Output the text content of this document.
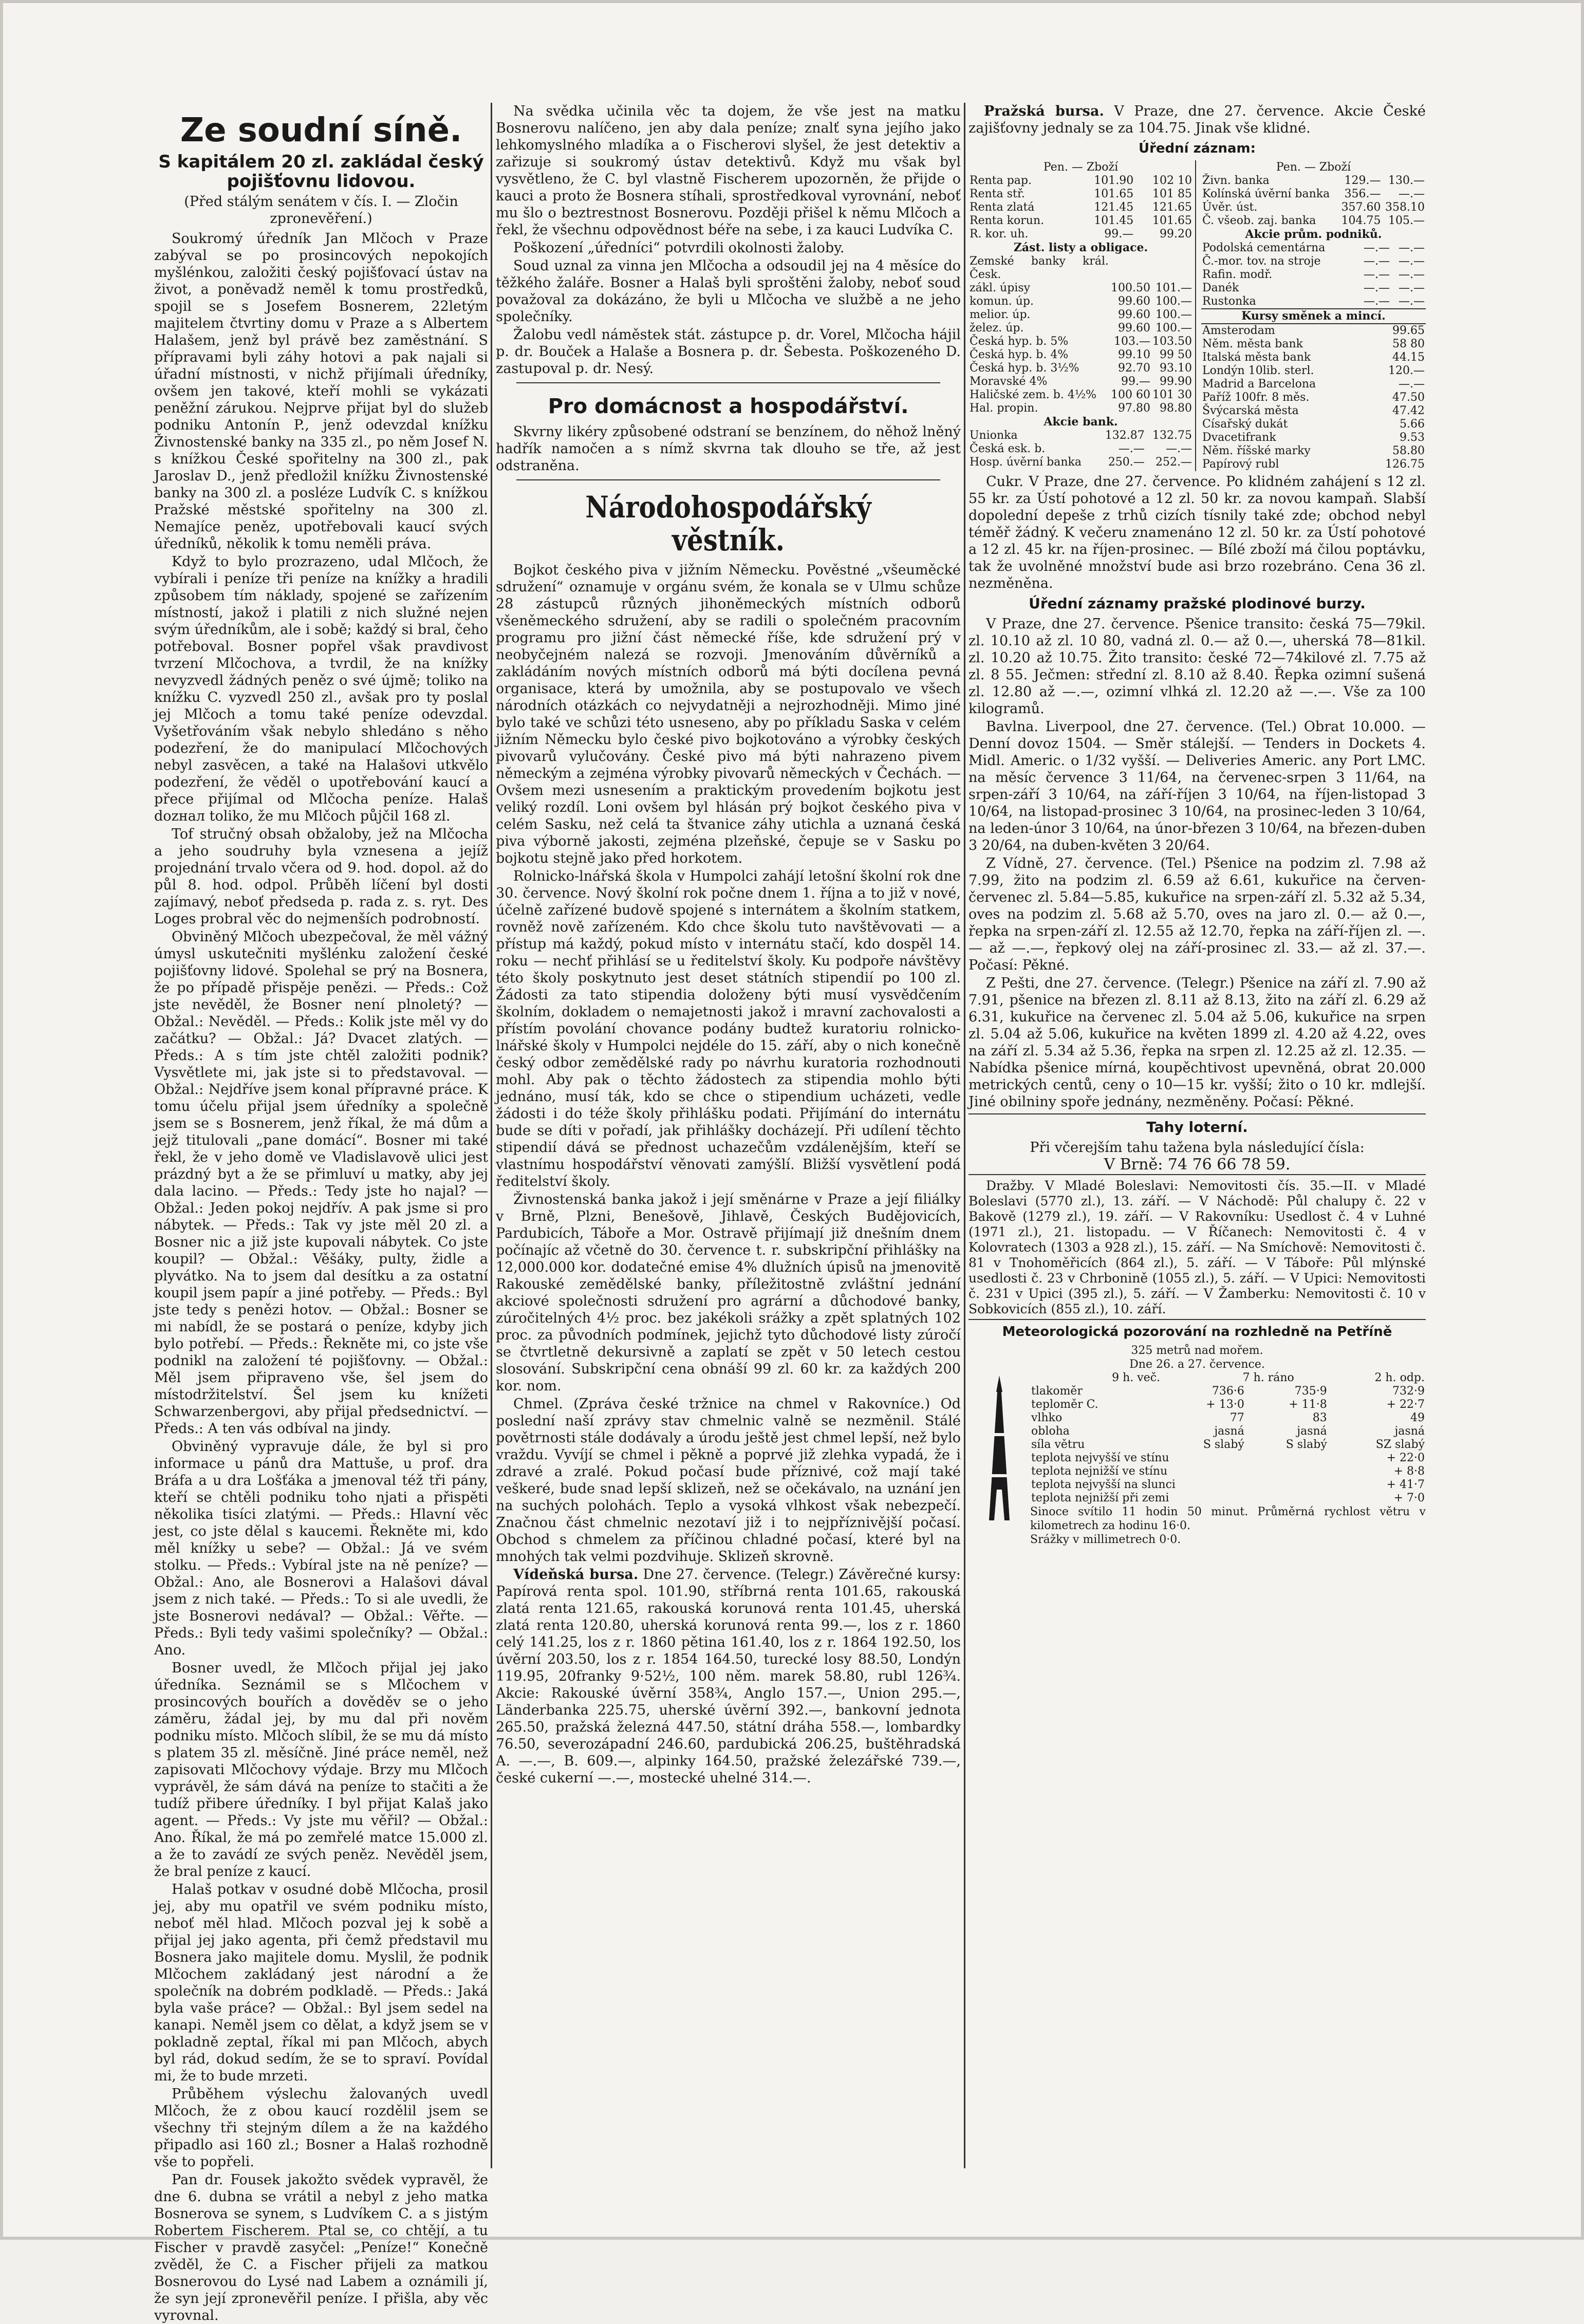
Ze soudní síně.
S kapitálem 20 zl. zakládal český pojišťovnu lidovou.
(Před stálým senátem v čís. I. — Zločin zpronevěření.)

Soukromý úředník Jan Mlčoch v Praze zabýval se po prosincových nepokojích myšlénkou, založiti český pojišťovací ústav na život, a poněvadž neměl k tomu prostředků, spojil se s Josefem Bosnerem, 22letým majitelem čtvrtiny domu v Praze a s Albertem Halašem, jenž byl právě bez zaměstnání. S přípravami byli záhy hotovi a pak najali si úřadní místnosti, v nichž přijímali úředníky, ovšem jen takové, kteří mohli se vykázati peněžní zárukou. Nejprve přijat byl do služeb podniku Antonín P., jenž odevzdal knížku Živnostenské banky na 335 zl., po něm Josef N. s knížkou České spořitelny na 300 zl., pak Jaroslav D., jenž předložil knížku Živnostenské banky na 300 zl. a posléze Ludvík C. s knížkou Pražské městské spořitelny na 300 zl. Nemajíce peněz, upotřebovali kaucí svých úředníků, několik k tomu neměli práva.

Když to bylo prozrazeno, udal Mlčoch, že vybírali i peníze tři peníze na knížky a hradili způsobem tím náklady, spojené se zařízením místností, jakož i platili z nich služné nejen svým úředníkům, ale i sobě; každý si bral, čeho potřeboval. Bosner popřel však pravdivost tvrzení Mlčochova, a tvrdil, že na knížky nevyzvedl žádných peněz o své újmě; toliko na knížku C. vyzvedl 250 zl., avšak pro ty poslal jej Mlčoch a tomu také peníze odevzdal. Vyšetřováním však nebylo shledáno s něho podezření, že do manipulací Mlčochových nebyl zasvěcen, a také na Halašovi utkvělo podezření, že věděl o upotřebování kaucí a přece přijímal od Mlčocha peníze. Halaš dozнал toliko, že mu Mlčoch půjčil 168 zl.

Tof stručný obsah obžaloby, jež na Mlčocha a jeho soudruhy byla vznesena a jejíž projednání trvalo včera od 9. hod. dopol. až do půl 8. hod. odpol. Průběh líčení byl dosti zajímavý, neboť předseda p. rada z. s. ryt. Des Loges probral věc do nejmenších podrobností.

Obviněný Mlčoch ubezpečoval, že měl vážný úmysl uskutečniti myšlénku založení české pojišťovny lidové. Spolehal se prý na Bosnera, že po případě přispěje penězi. — Předs.: Což jste nevěděl, že Bosner není plnoletý? — Obžal.: Nevěděl. — Předs.: Kolik jste měl vy do začátku? — Obžal.: Já? Dvacet zlatých. — Předs.: A s tím jste chtěl založiti podnik? Vysvětlete mi, jak jste si to představoval. — Obžal.: Nejdříve jsem konal přípravné práce. K tomu účelu přijal jsem úředníky a společně jsem se s Bosnerem, jenž říkal, že má dům a jejž titulovali „pane domácí“. Bosner mi také řekl, že v jeho domě ve Vladislavově ulici jest prázdný byt a že se přimluví u matky, aby jej dala lacino. — Předs.: Tedy jste ho najal? — Obžal.: Jeden pokoj nejdřív. A pak jsme si pro nábytek. — Předs.: Tak vy jste měl 20 zl. a Bosner nic a již jste kupovali nábytek. Co jste koupil? — Obžal.: Věšáky, pulty, židle a plyvátko. Na to jsem dal desítku a za ostatní koupil jsem papír a jiné potřeby. — Předs.: Byl jste tedy s penězi hotov. — Obžal.: Bosner se mi nabídl, že se postará o peníze, kdyby jich bylo potřebí. — Předs.: Řekněte mi, co jste vše podnikl na založení té pojišťovny. — Obžal.: Měl jsem připraveno vše, šel jsem do místodržitelství. Šel jsem ku knížeti Schwarzenbergovi, aby přijal předsednictví. — Předs.: A ten vás odbíval na jindy.

Obviněný vypravuje dále, že byl si pro informace u pánů dra Mattuše, u prof. dra Bráfa a u dra Lošťáka a jmenoval též tři pány, kteří se chtěli podniku toho njati a přispěti několika tisíci zlatými. — Předs.: Hlavní věc jest, co jste dělal s kaucemi. Řekněte mi, kdo měl knížky u sebe? — Obžal.: Já ve svém stolku. — Předs.: Vybíral jste na ně peníze? — Obžal.: Ano, ale Bosnerovi a Halašovi dával jsem z nich také. — Předs.: To si ale uvedli, že jste Bosnerovi nedával? — Obžal.: Věřte. — Předs.: Byli tedy vašimi společníky? — Obžal.: Ano.

Bosner uvedl, že Mlčoch přijal jej jako úředníka. Seznámil se s Mlčochem v prosincových bouřích a dověděv se o jeho záměru, žádal jej, by mu dal při nověm podniku místo. Mlčoch slíbil, že se mu dá místo s platem 35 zl. měsíčně. Jiné práce neměl, než zapisovati Mlčochovy výdaje. Brzy mu Mlčoch vyprávěl, že sám dává na peníze to stačiti a že tudíž přibere úředníky. I byl přijat Kalaš jako agent. — Předs.: Vy jste mu věřil? — Obžal.: Ano. Říkal, že má po zemřelé matce 15.000 zl. a že to zavádí ze svých peněz. Nevěděl jsem, že bral peníze z kaucí.

Halaš potkav v osudné době Mlčocha, prosil jej, aby mu opatřil ve svém podniku místo, neboť měl hlad. Mlčoch pozval jej k sobě a přijal jej jako agenta, při čemž představil mu Bosnera jako majitele domu. Myslil, že podnik Mlčochem zakládaný jest národní a že společník na dobrém podkladě. — Předs.: Jaká byla vaše práce? — Obžal.: Byl jsem sedel na kanapi. Neměl jsem co dělat, a když jsem se v pokladně zeptal, říkal mi pan Mlčoch, abych byl rád, dokud sedím, že se to spraví. Povídal mi, že to bude mrzeti.

Průběhem výslechu žalovaných uvedl Mlčoch, že z obou kaucí rozdělil jsem se všechny tři stejným dílem a že na každého připadlo asi 160 zl.; Bosner a Halaš rozhodně vše to popřeli.

Pan dr. Fousek jakožto svědek vypravěl, že dne 6. dubna se vrátil a nebyl z jeho matka Bosnerova se synem, s Ludvíkem C. a s jistým Robertem Fischerem. Ptal se, co chtějí, a tu Fischer v pravdě zasyčel: „Peníze!“ Konečně zvěděl, že C. a Fischer přijeli za matkou Bosnerovou do Lysé nad Labem a oznámili jí, že syn její zpronevěřil peníze. I přišla, aby věc vyrovnal.

Na svědka učinila věc ta dojem, že vše jest na matku Bosnerovu nalíčeno, jen aby dala peníze; znalť syna jejího jako lehkomyslného mladíka a o Fischerovi slyšel, že jest detektiv a zařizuje si soukromý ústav detektivů. Když mu však byl vysvětleno, že C. byl vlastně Fischerem upozorněn, že přijde o kauci a proto že Bosnera stíhali, sprostředkoval vyrovnání, neboť mu šlo o beztrestnost Bosnerovu. Později přišel k němu Mlčoch a řekl, že všechnu odpovědnost béře na sebe, i za kauci Ludvíka C.

Poškození „úředníci“ potvrdili okolnosti žaloby.

Soud uznal za vinna jen Mlčocha a odsoudil jej na 4 měsíce do těžkého žaláře. Bosner a Halaš byli sproštěni žaloby, neboť soud považoval za dokázáno, že byli u Mlčocha ve službě a ne jeho společníky.

Žalobu vedl náměstek stát. zástupce p. dr. Vorel, Mlčocha hájil p. dr. Bouček a Halaše a Bosnera p. dr. Šebesta. Poškozeného D. zastupoval p. dr. Nesý.

Pro domácnost a hospodářství.

Skvrny likéry způsobené odstraní se benzínem, do něhož lněný hadřík namočen a s nímž skvrna tak dlouho se tře, až jest odstraněna.

Národohospodářský věstník.

Bojkot českého piva v jižním Německu. Pověstné „všeuměcké sdružení“ oznamuje v orgánu svém, že konala se v Ulmu schůze 28 zástupců různých jihoněmeckých místních odborů všeněmeckého sdružení, aby se radili o společném pracovním programu pro jižní část německé říše, kde sdružení prý v neobyčejném nalezá se rozvoji. Jmenováním důvěrníků a zakládáním nových místních odborů má býti docílena pevná organisace, která by umožnila, aby se postupovalo ve všech národních otázkách co nejvydatněji a nejrozhodněji. Mimo jiné bylo také ve schůzi této usneseno, aby po příkladu Saska v celém jižním Německu bylo české pivo bojkotováno a výrobky českých pivovarů vylučovány. České pivo má býti nahrazeno pivem německým a zejména výrobky pivovarů německých v Čechách. — Ovšem mezi usnesením a praktickým provedením bojkotu jest veliký rozdíl. Loni ovšem byl hlásán prý bojkot českého piva v celém Sasku, než celá ta štvanice záhy utichla a uznaná česká piva výborně jakosti, zejména plzeňské, čepuje se v Sasku po bojkotu stejně jako před horkotem.

Rolnicko-lnářská škola v Humpolci zahájí letošní školní rok dne 30. července. Nový školní rok počne dnem 1. října a to již v nové, účelně zařízené budově spojené s internátem a školním statkem, rovněž nově zařízeném. Kdo chce školu tuto navštěvovati — a přístup má každý, pokud místo v internátu stačí, kdo dospěl 14. roku — nechť přihlásí se u ředitelství školy. Ku podpoře návštěvy této školy poskytnuto jest deset státních stipendií po 100 zl. Žádosti za tato stipendia doloženy býti musí vysvědčením školním, dokladem o nemajetnosti jakož i mravní zachovalosti a přístím povolání chovance podány budtež kuratoriu rolnicko-lnářské školy v Humpolci nejdéle do 15. září, aby o nich konečně český odbor zemědělské rady po návrhu kuratoria rozhodnouti mohl. Aby pak o těchto žádostech za stipendia mohlo býti jednáno, musí ták, kdo se chce o stipendium ucházeti, vedle žádosti i do téže školy přihlášku podati. Přijímání do internátu bude se díti v pořadí, jak přihlášky docházejí. Při udílení těchto stipendií dává se přednost uchazečům vzdálenějším, kteří se vlastnímu hospodářství věnovati zamýšlí. Bližší vysvětlení podá ředitelství školy.

Živnostenská banka jakož i její směnárne v Praze a její filiálky v Brně, Plzni, Benešově, Jihlavě, Českých Budějovicích, Pardubicích, Táboře a Mor. Ostravě přijímají již dnešním dnem počínajíc až včetně do 30. července t. r. subskripční přihlášky na 12,000.000 kor. dodatečné emise 4% dlužních úpisů na jmenovitě Rakouské zemědělské banky, příležitostně zvláštní jednání akciové společnosti sdružení pro agrární a důchodové banky, zúročitelných 4½ proc. bez jakékoli srážky a zpět splatných 102 proc. za původních podmínek, jejichž tyto důchodové listy zúročí se čtvrtletně dekursivně a zaplatí se zpět v 50 letech cestou slosování. Subskripční cena obnáší 99 zl. 60 kr. za každých 200 kor. nom.

Chmel. (Zpráva české tržnice na chmel v Rakovníce.) Od poslední naší zprávy stav chmelnic valně se nezměnil. Stálé povětrnosti stále dodávaly a úrodu ještě jest chmel lepší, než bylo vraždu. Vyvíjí se chmel i pěkně a poprvé již zlehka vypadá, že i zdravé a zralé. Pokud počasí bude příznivé, což mají také veškeré, bude snad lepší sklizeň, než se očekávalo, na uznání jen na suchých polohách. Teplo a vysoká vlhkost však nebezpečí. Značnou část chmelnic nezotaví již i to nejpříznivější počasí. Obchod s chmelem za příčinou chladné počasí, které byl na mnohých tak velmi pozdvihuje. Sklizeň skrovně.

Vídeňská bursa. Dne 27. července. (Telegr.) Závěrečné kursy: Papírová renta spol. 101.90, stříbrná renta 101.65, rakouská zlatá renta 121.65, rakouská korunová renta 101.45, uherská zlatá renta 120.80, uherská korunová renta 99.—, los z r. 1860 celý 141.25, los z r. 1860 pětina 161.40, los z r. 1864 192.50, los úvěrní 203.50, los z r. 1854 164.50, turecké losy 88.50, Londýn 119.95, 20franky 9·52½, 100 něm. marek 58.80, rubl 126¾. Akcie: Rakouské úvěrní 358¾, Anglo 157.—, Union 295.—, Länderbanka 225.75, uherské úvěrní 392.—, bankovní jednota 265.50, pražská železná 447.50, státní dráha 558.—, lombardky 76.50, severozápadní 246.60, pardubická 206.25, buštěhradská A. —.—, B. 609.—, alpinky 164.50, pražské železářské 739.—, české cukerní —.—, mostecké uhelné 314.—.

Pražská bursa. V Praze, dne 27. července. Akcie České zajišťovny jednaly se za 104.75. Jinak vše klidné.

Úřední záznam:
Pen. — Zboží
Renta pap.	101.90	102 10
Renta stř.	101.65	101 85
Renta zlatá	121.45	121.65
Renta korun.	101.45	101.65
R. kor. uh.	99.—	99.20
Zást. listy a obligace.
Zemské banky král. Česk.		
zákl. úpisy	100.50	101.—
komun. úp.	99.60	100.—
melior. úp.	99.60	100.—
želez. úp.	99.60	100.—
Česká hyp. b. 5%	103.—	103.50
Česká hyp. b. 4%	99.10	99 50
Česká hyp. b. 3½%	92.70	93.10
Moravské 4%	99.—	99.90
Haličské zem. b. 4½%	100 60	101 30
Hal. propin.	97.80	98.80
Akcie bank.
Unionka	132.87	132.75
Česká esk. b.	—.—	—.—
Hosp. úvěrní banka	250.—	252.—
Pen. — Zboží
Živn. banka	129.—	130.—
Kolínská úvěrní banka	356.—	—.—
Úvěr. úst.	357.60	358.10
Č. všeob. zaj. banka	104.75	105.—
Akcie prům. podniků.
Podolská cementárna	—.—	—.—
Č.-mor. tov. na stroje	—.—	—.—
Rafin. modř.	—.—	—.—
Danék	—.—	—.—
Rustonka	—.—	—.—
Kursy směnek a mincí.
Amsterodam	99.65
Něm. města bank	58 80
Italská města bank	44.15
Londýn 10lib. sterl.	120.—
Madrid a Barcelona	—.—
Paříž 100fr. 8 měs.	47.50
Švýcarská města	47.42
Císařský dukát	5.66
Dvacetifrank	9.53
Něm. říšské marky	58.80
Papírový rubl	126.75

Cukr. V Praze, dne 27. července. Po klidném zahájení s 12 zl. 55 kr. za Ústí pohotové a 12 zl. 50 kr. za novou kampaň. Slabší dopolední depeše z trhů cizích tísnily také zde; obchod nebyl téměř žádný. K večeru znamenáno 12 zl. 50 kr. za Ústí pohotové a 12 zl. 45 kr. na říjen-prosinec. — Bílé zboží má čilou poptávku, tak že uvolněné množství bude asi brzo rozebráno. Cena 36 zl. nezměněna.

Úřední záznamy pražské plodinové burzy.

V Praze, dne 27. července. Pšenice transito: česká 75—79kil. zl. 10.10 až zl. 10 80, vadná zl. 0.— až 0.—, uherská 78—81kil. zl. 10.20 až 10.75. Žito transito: české 72—74kilové zl. 7.75 až zl. 8 55. Ječmen: střední zl. 8.10 až 8.40. Řepka ozimní sušená zl. 12.80 až —.—, ozimní vlhká zl. 12.20 až —.—. Vše za 100 kilogramů.

Bavlna. Liverpool, dne 27. července. (Tel.) Obrat 10.000. — Denní dovoz 1504. — Směr stálejší. — Tenders in Dockets 4. Midl. Americ. o 1/32 vyšší. — Deliveries Americ. any Port LMC. na měsíc července 3 11/64, na červenec-srpen 3 11/64, na srpen-září 3 10/64, na září-říjen 3 10/64, na říjen-listopad 3 10/64, na listopad-prosinec 3 10/64, na prosinec-leden 3 10/64, na leden-únor 3 10/64, na únor-březen 3 10/64, na březen-duben 3 20/64, na duben-květen 3 20/64.

Z Vídně, 27. července. (Tel.) Pšenice na podzim zl. 7.98 až 7.99, žito na podzim zl. 6.59 až 6.61, kukuřice na červen-červenec zl. 5.84—5.85, kukuřice na srpen-září zl. 5.32 až 5.34, oves na podzim zl. 5.68 až 5.70, oves na jaro zl. 0.— až 0.—, řepka na srpen-září zl. 12.55 až 12.70, řepka na září-říjen zl. —.— až —.—, řepkový olej na září-prosinec zl. 33.— až zl. 37.—. Počasí: Pěkné.

Z Pešti, dne 27. července. (Telegr.) Pšenice na září zl. 7.90 až 7.91, pšenice na březen zl. 8.11 až 8.13, žito na září zl. 6.29 až 6.31, kukuřice na červenec zl. 5.04 až 5.06, kukuřice na srpen zl. 5.04 až 5.06, kukuřice na květen 1899 zl. 4.20 až 4.22, oves na září zl. 5.34 až 5.36, řepka na srpen zl. 12.25 až zl. 12.35. — Nabídka pšenice mírná, koupěchtivost upevněná, obrat 20.000 metrických centů, ceny o 10—15 kr. vyšší; žito o 10 kr. mdlejší. Jiné obilniny spoře jednány, nezměněny. Počasí: Pěkné.

Tahy loterní.
Při včerejším tahu tažena byla následující čísla:
V Brně: 74 76 66 78 59.

Dražby. V Mladé Boleslavi: Nemovitosti čís. 35.—II. v Mladé Boleslavi (5770 zl.), 13. září. — V Náchodě: Půl chalupy č. 22 v Bakově (1279 zl.), 19. září. — V Rakovníku: Usedlost č. 4 v Luhné (1971 zl.), 21. listopadu. — V Říčanech: Nemovitosti č. 4 v Kolovratech (1303 a 928 zl.), 15. září. — Na Smíchově: Nemovitosti č. 81 v Tnohoměřicích (864 zl.), 5. září. — V Táboře: Půl mlýnské usedlosti č. 23 v Chrbonině (1055 zl.), 5. září. — V Upici: Nemovitosti č. 231 v Upici (395 zl.), 5. září. — V Žamberku: Nemovitosti č. 10 v Sobkovicích (855 zl.), 10. září.

Meteorologická pozorování na rozhledně na Petříně
325 metrů nad mořem.
Dne 26. a 27. července.
	9 h. več.	7 h. ráno	2 h. odp.
tlakoměr	736·6	735·9	732·9
teploměr C.	+ 13·0	+ 11·8	+ 22·7
vlhko	77	83	49
obloha	jasná	jasná	jasná
síla větru	S slabý	S slabý	SZ slabý
teplota nejvyšší ve stínu	+ 22·0
teplota nejnižší ve stínu	+ 8·8
teplota nejvyšší na slunci	+ 41·7
teplota nejnižší při zemi	+ 7·0
Sinoce svítilo 11 hodin 50 minut. Průměrná rychlost větru v kilometrech za hodinu 16·0.
Srážky v millimetrech 0·0.
